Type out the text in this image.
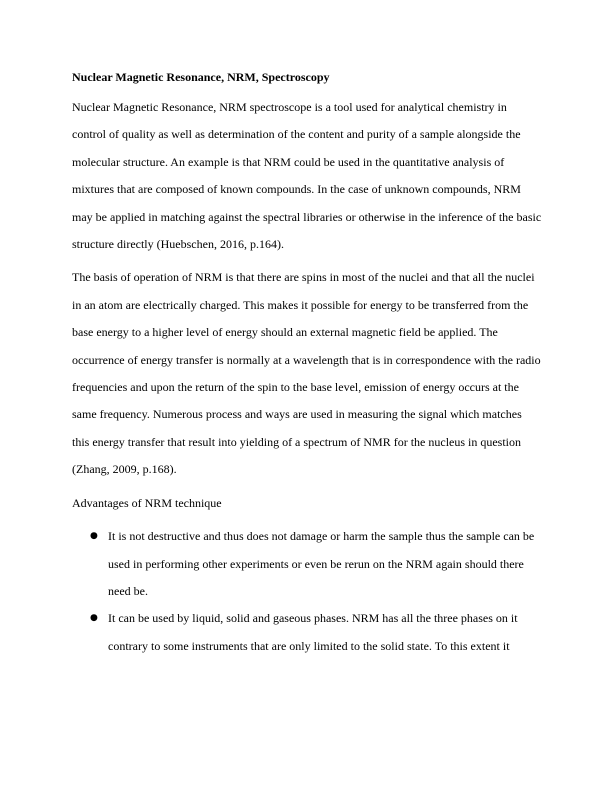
Nuclear Magnetic Resonance, NRM, Spectroscopy

Nuclear Magnetic Resonance, NRM spectroscope is a tool used for analytical chemistry in control of quality as well as determination of the content and purity of a sample alongside the molecular structure. An example is that NRM could be used in the quantitative analysis of mixtures that are composed of known compounds. In the case of unknown compounds, NRM may be applied in matching against the spectral libraries or otherwise in the inference of the basic structure directly (Huebschen, 2016, p.164).

The basis of operation of NRM is that there are spins in most of the nuclei and that all the nuclei in an atom are electrically charged. This makes it possible for energy to be transferred from the base energy to a higher level of energy should an external magnetic field be applied. The occurrence of energy transfer is normally at a wavelength that is in correspondence with the radio frequencies and upon the return of the spin to the base level, emission of energy occurs at the same frequency. Numerous process and ways are used in measuring the signal which matches this energy transfer that result into yielding of a spectrum of NMR for the nucleus in question (Zhang, 2009, p.168).

Advantages of NRM technique

● It is not destructive and thus does not damage or harm the sample thus the sample can be used in performing other experiments or even be rerun on the NRM again should there need be.
● It can be used by liquid, solid and gaseous phases. NRM has all the three phases on it contrary to some instruments that are only limited to the solid state. To this extent it
